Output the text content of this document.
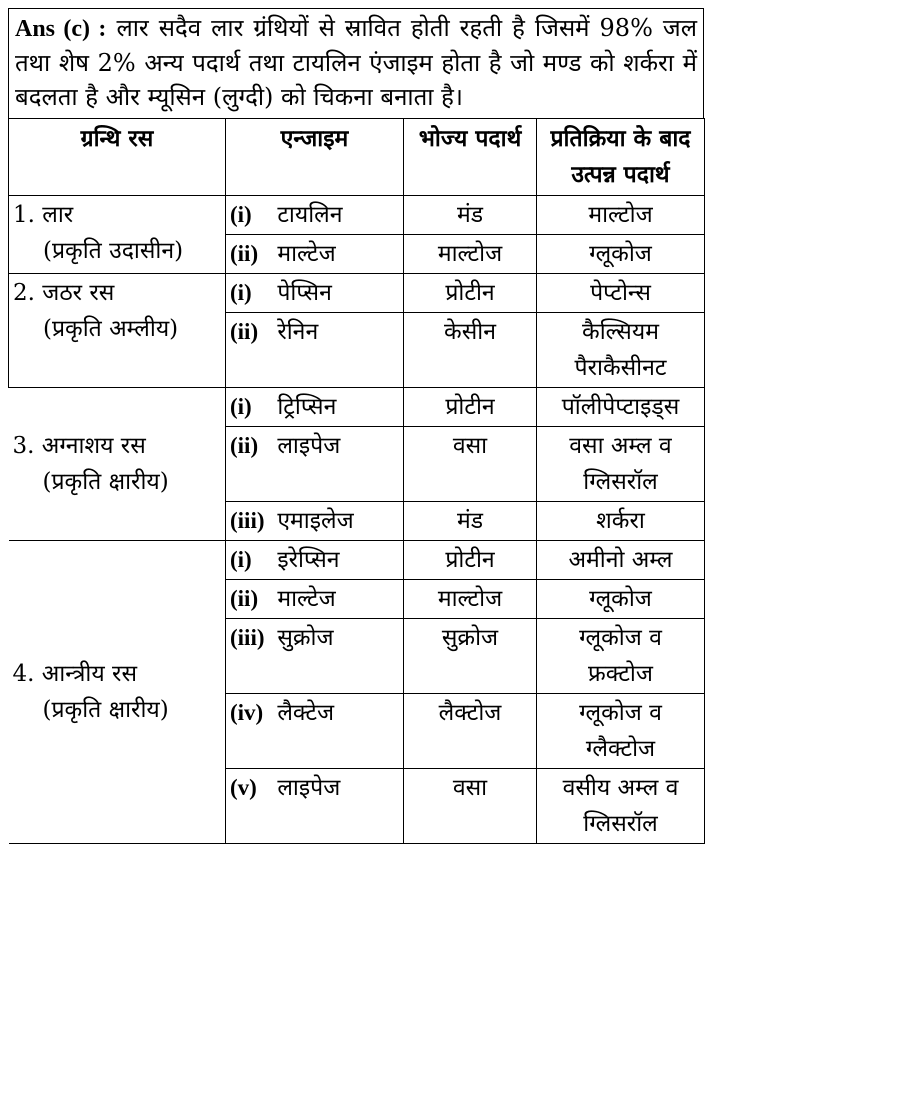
Ans (c) : लार सदैव लार ग्रंथियों से स्रावित होती रहती है जिसमें 98% जल तथा शेष 2% अन्य पदार्थ तथा टायलिन एंजाइम होता है जो मण्ड को शर्करा में बदलता है और म्यूसिन (लुग्दी) को चिकना बनाता है।
ग्रन्थि रस	एन्जाइम	भोज्य पदार्थ	प्रतिक्रिया के बाद उत्पन्न पदार्थ

1. लार
(प्रकृति उदासीन)	(i) टायलिन	मंड	माल्टोज
	(ii) माल्टेज	माल्टोज	ग्लूकोज

2. जठर रस
(प्रकृति अम्लीय)	(i) पेप्सिन	प्रोटीन	पेप्टोन्स
	(ii) रेनिन	केसीन	कैल्सियम
पैराकैसीनट

3. अग्नाशय रस
(प्रकृति क्षारीय)	(i) ट्रिप्सिन	प्रोटीन	पॉलीपेप्टाइड्स
	(ii) लाइपेज	वसा	वसा अम्ल व
ग्लिसरॉल

	(iii) एमाइलेज	मंड	शर्करा

4. आन्त्रीय रस
(प्रकृति क्षारीय)	(i) इरेप्सिन	प्रोटीन	अमीनो अम्ल
	(ii) माल्टेज	माल्टोज	ग्लूकोज
	(iii) सुक्रोज	सुक्रोज	ग्लूकोज व
फ्रक्टोज

	(iv) लैक्टेज	लैक्टोज	ग्लूकोज व
ग्लैक्टोज

	(v) लाइपेज	वसा	वसीय अम्ल व
ग्लिसरॉल
